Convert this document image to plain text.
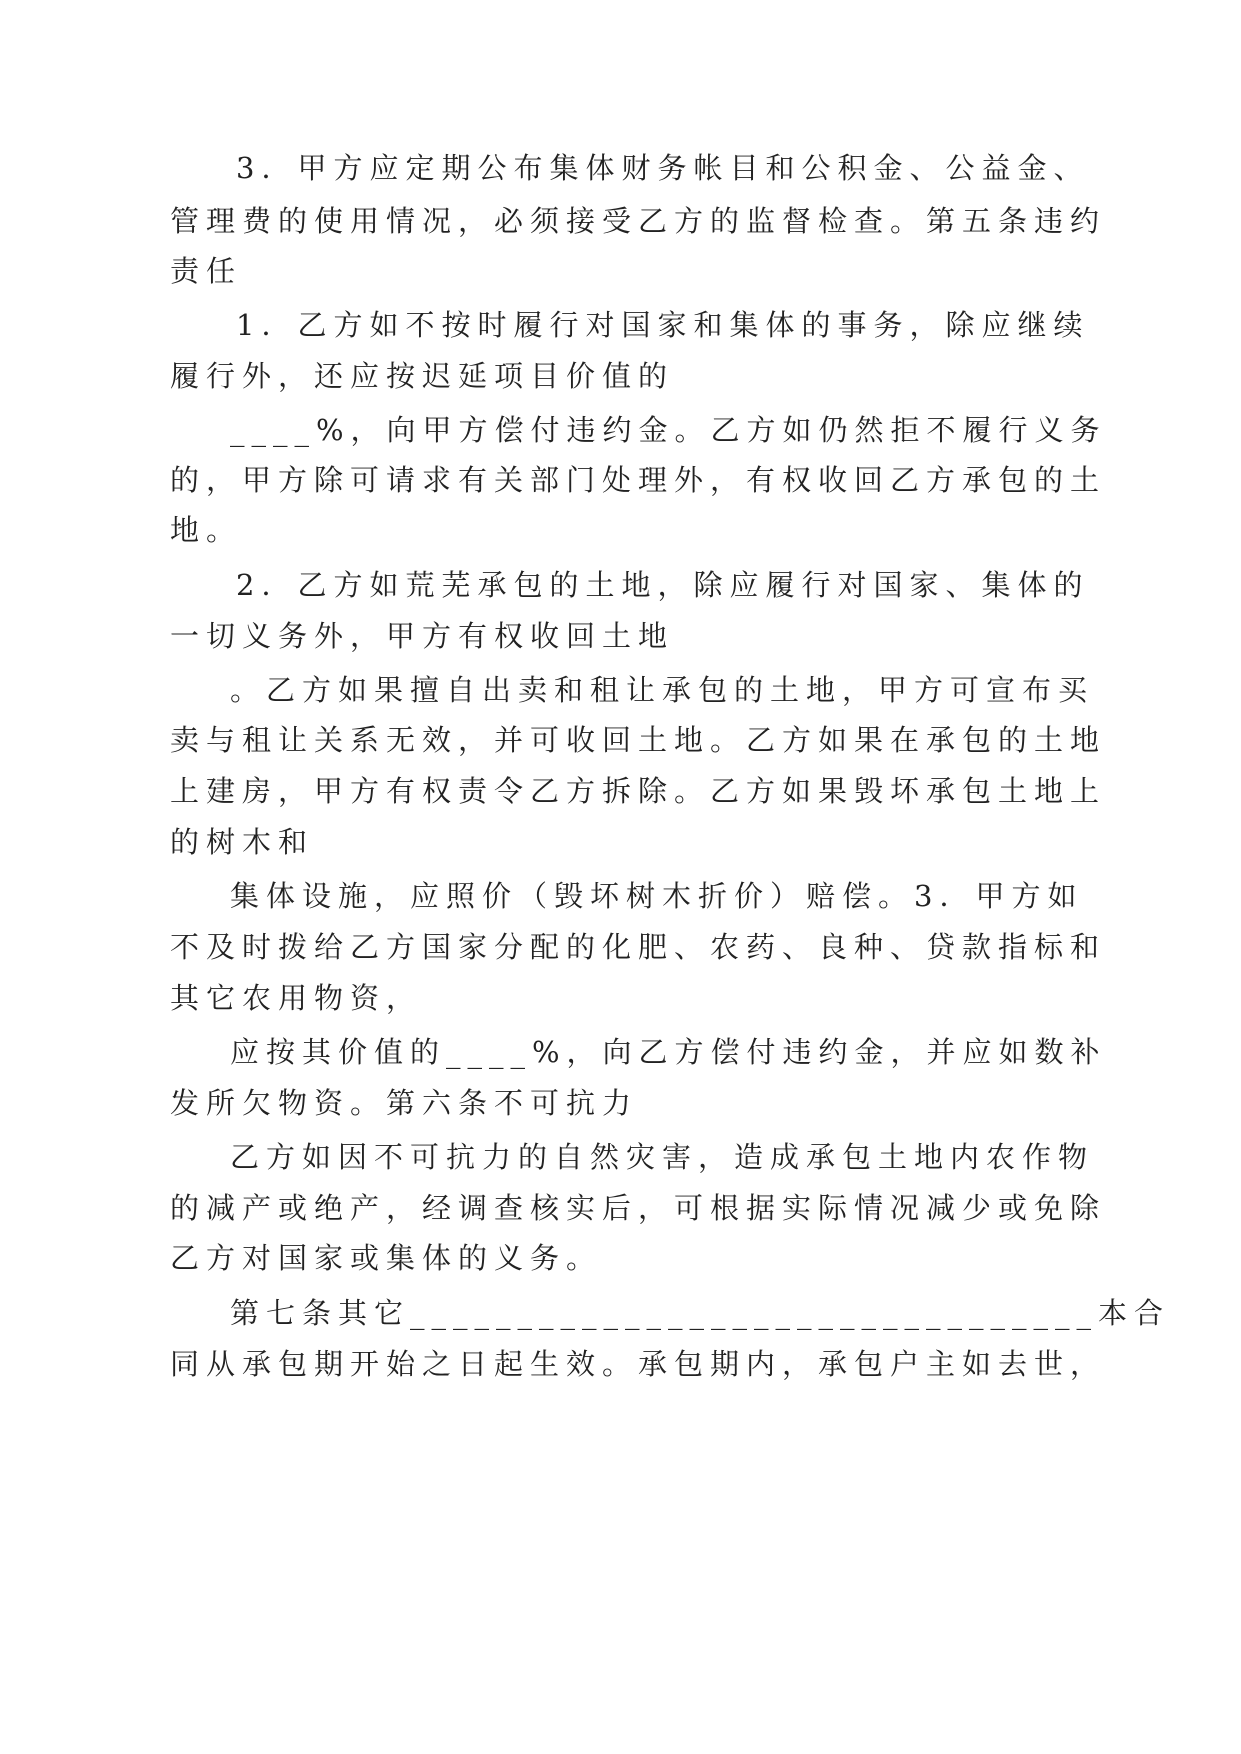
3．甲方应定期公布集体财务帐目和公积金、公益金、
管理费的使用情况，必须接受乙方的监督检查。第五条违约
责任
1．乙方如不按时履行对国家和集体的事务，除应继续
履行外，还应按迟延项目价值的
____%，向甲方偿付违约金。乙方如仍然拒不履行义务
的，甲方除可请求有关部门处理外，有权收回乙方承包的土
地。
2．乙方如荒芜承包的土地，除应履行对国家、集体的
一切义务外，甲方有权收回土地
。乙方如果擅自出卖和租让承包的土地，甲方可宣布买
卖与租让关系无效，并可收回土地。乙方如果在承包的土地
上建房，甲方有权责令乙方拆除。乙方如果毁坏承包土地上
的树木和
集体设施，应照价（毁坏树木折价）赔偿。3．甲方如
不及时拨给乙方国家分配的化肥、农药、良种、贷款指标和
其它农用物资，
应按其价值的____%，向乙方偿付违约金，并应如数补
发所欠物资。第六条不可抗力
乙方如因不可抗力的自然灾害，造成承包土地内农作物
的减产或绝产，经调查核实后，可根据实际情况减少或免除
乙方对国家或集体的义务。
第七条其它________________________________本合
同从承包期开始之日起生效。承包期内，承包户主如去世，
